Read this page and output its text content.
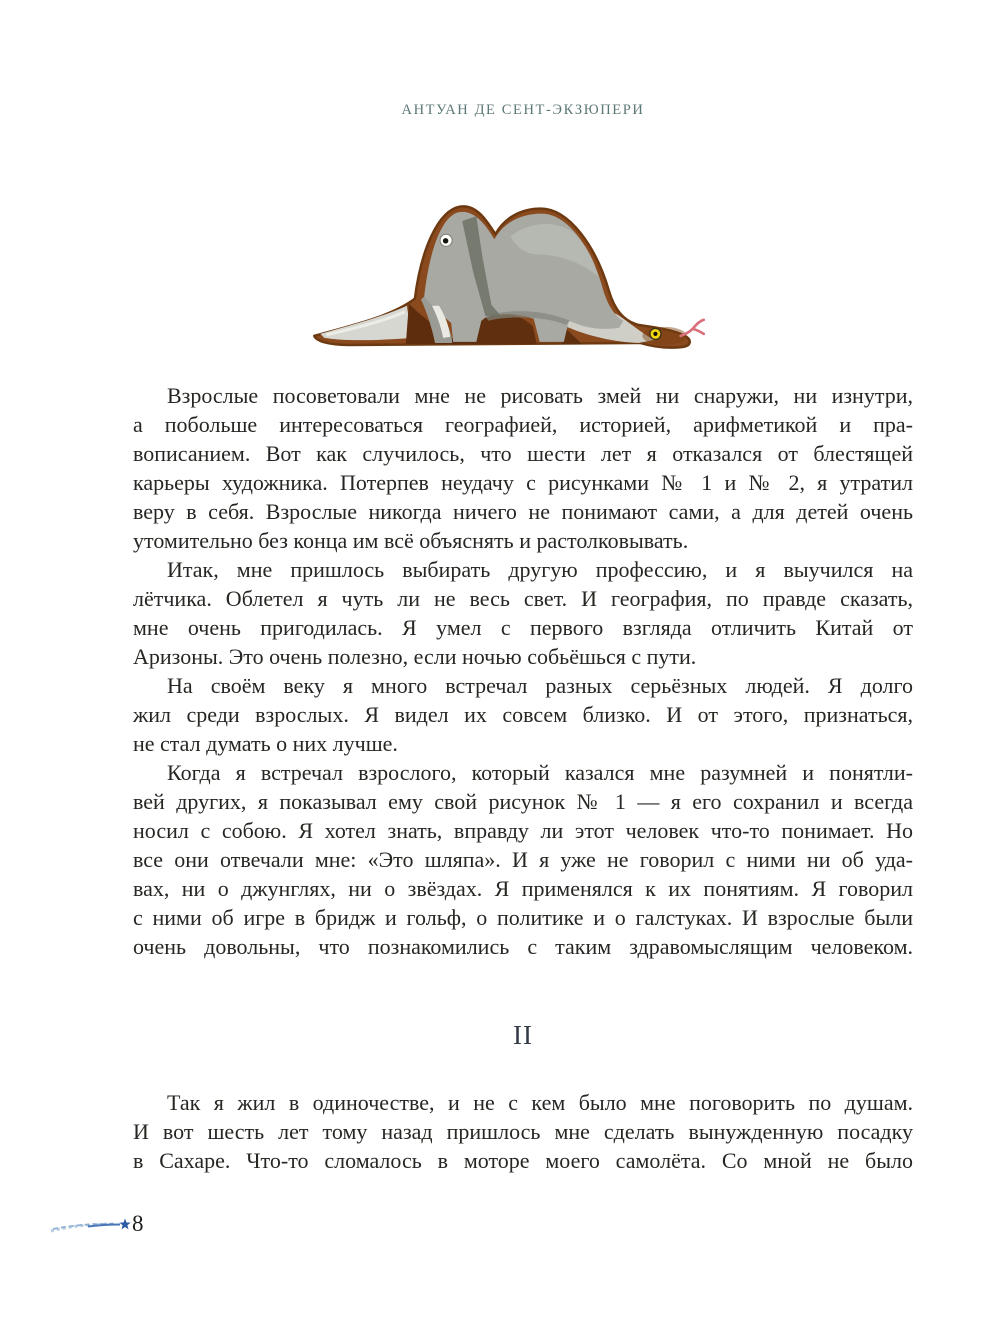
АНТУАН ДЕ СЕНТ-ЭКЗЮПЕРИ
Взрослые посоветовали мне не рисовать змей ни снаружи, ни изнутри,
а побольше интересоваться географией, историей, арифметикой и пра-
вописанием. Вот как случилось, что шести лет я отказался от блестящей
карьеры художника. Потерпев неудачу с рисунками № 1 и № 2, я утратил
веру в себя. Взрослые никогда ничего не понимают сами, а для детей очень
утомительно без конца им всё объяснять и растолковывать.
Итак, мне пришлось выбирать другую профессию, и я выучился на
лётчика. Облетел я чуть ли не весь свет. И география, по правде сказать,
мне очень пригодилась. Я умел с первого взгляда отличить Китай от
Аризоны. Это очень полезно, если ночью собьёшься с пути.
На своём веку я много встречал разных серьёзных людей. Я долго
жил среди взрослых. Я видел их совсем близко. И от этого, признаться,
не стал думать о них лучше.
Когда я встречал взрослого, который казался мне разумней и понятли-
вей других, я показывал ему свой рисунок № 1 — я его сохранил и всегда
носил с собою. Я хотел знать, вправду ли этот человек что-то понимает. Но
все они отвечали мне: «Это шляпа». И я уже не говорил с ними ни об уда-
вах, ни о джунглях, ни о звёздах. Я применялся к их понятиям. Я говорил
с ними об игре в бридж и гольф, о политике и о галстуках. И взрослые были
очень довольны, что познакомились с таким здравомыслящим человеком.
II
Так я жил в одиночестве, и не с кем было мне поговорить по душам.
И вот шесть лет тому назад пришлось мне сделать вынужденную посадку
в Сахаре. Что-то сломалось в моторе моего самолёта. Со мной не было
8
